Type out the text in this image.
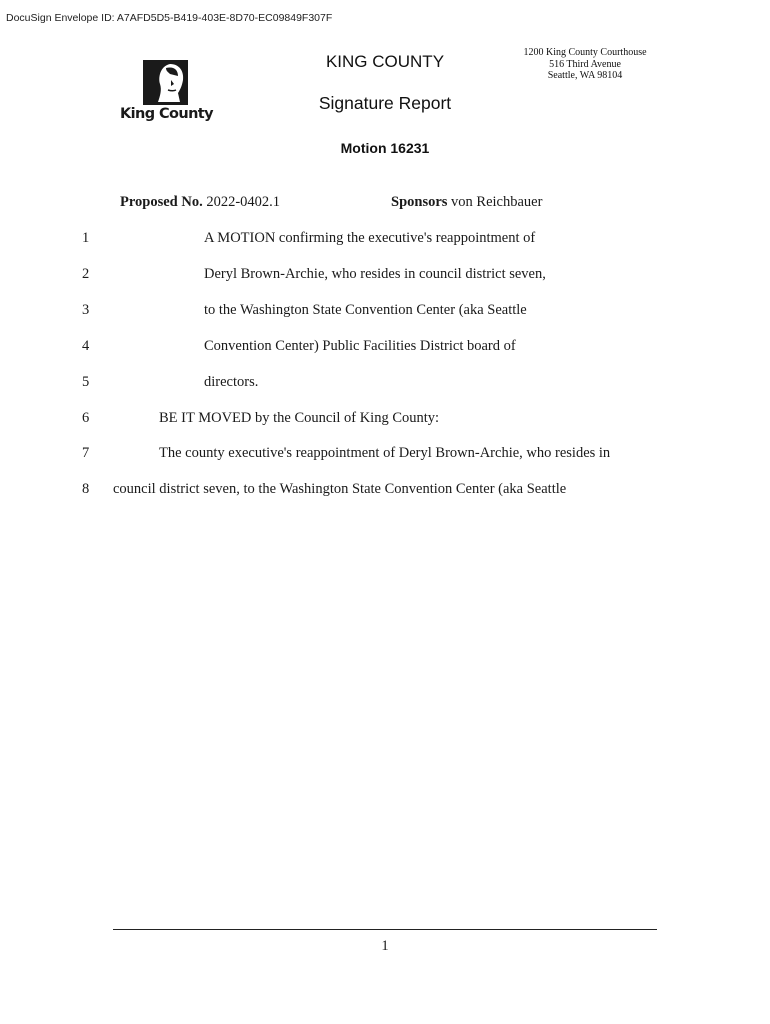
DocuSign Envelope ID: A7AFD5D5-B419-403E-8D70-EC09849F307F
King County
KING COUNTY
Signature Report
Motion 16231
1200 King County Courthouse
516 Third Avenue
Seattle, WA 98104
Proposed No. 2022-0402.1	Sponsors von Reichbauer
1	A MOTION confirming the executive's reappointment of
2	Deryl Brown-Archie, who resides in council district seven,
3	to the Washington State Convention Center (aka Seattle
4	Convention Center) Public Facilities District board of
5	directors.
6	BE IT MOVED by the Council of King County:
7	The county executive's reappointment of Deryl Brown-Archie, who resides in
8	council district seven, to the Washington State Convention Center (aka Seattle
1
